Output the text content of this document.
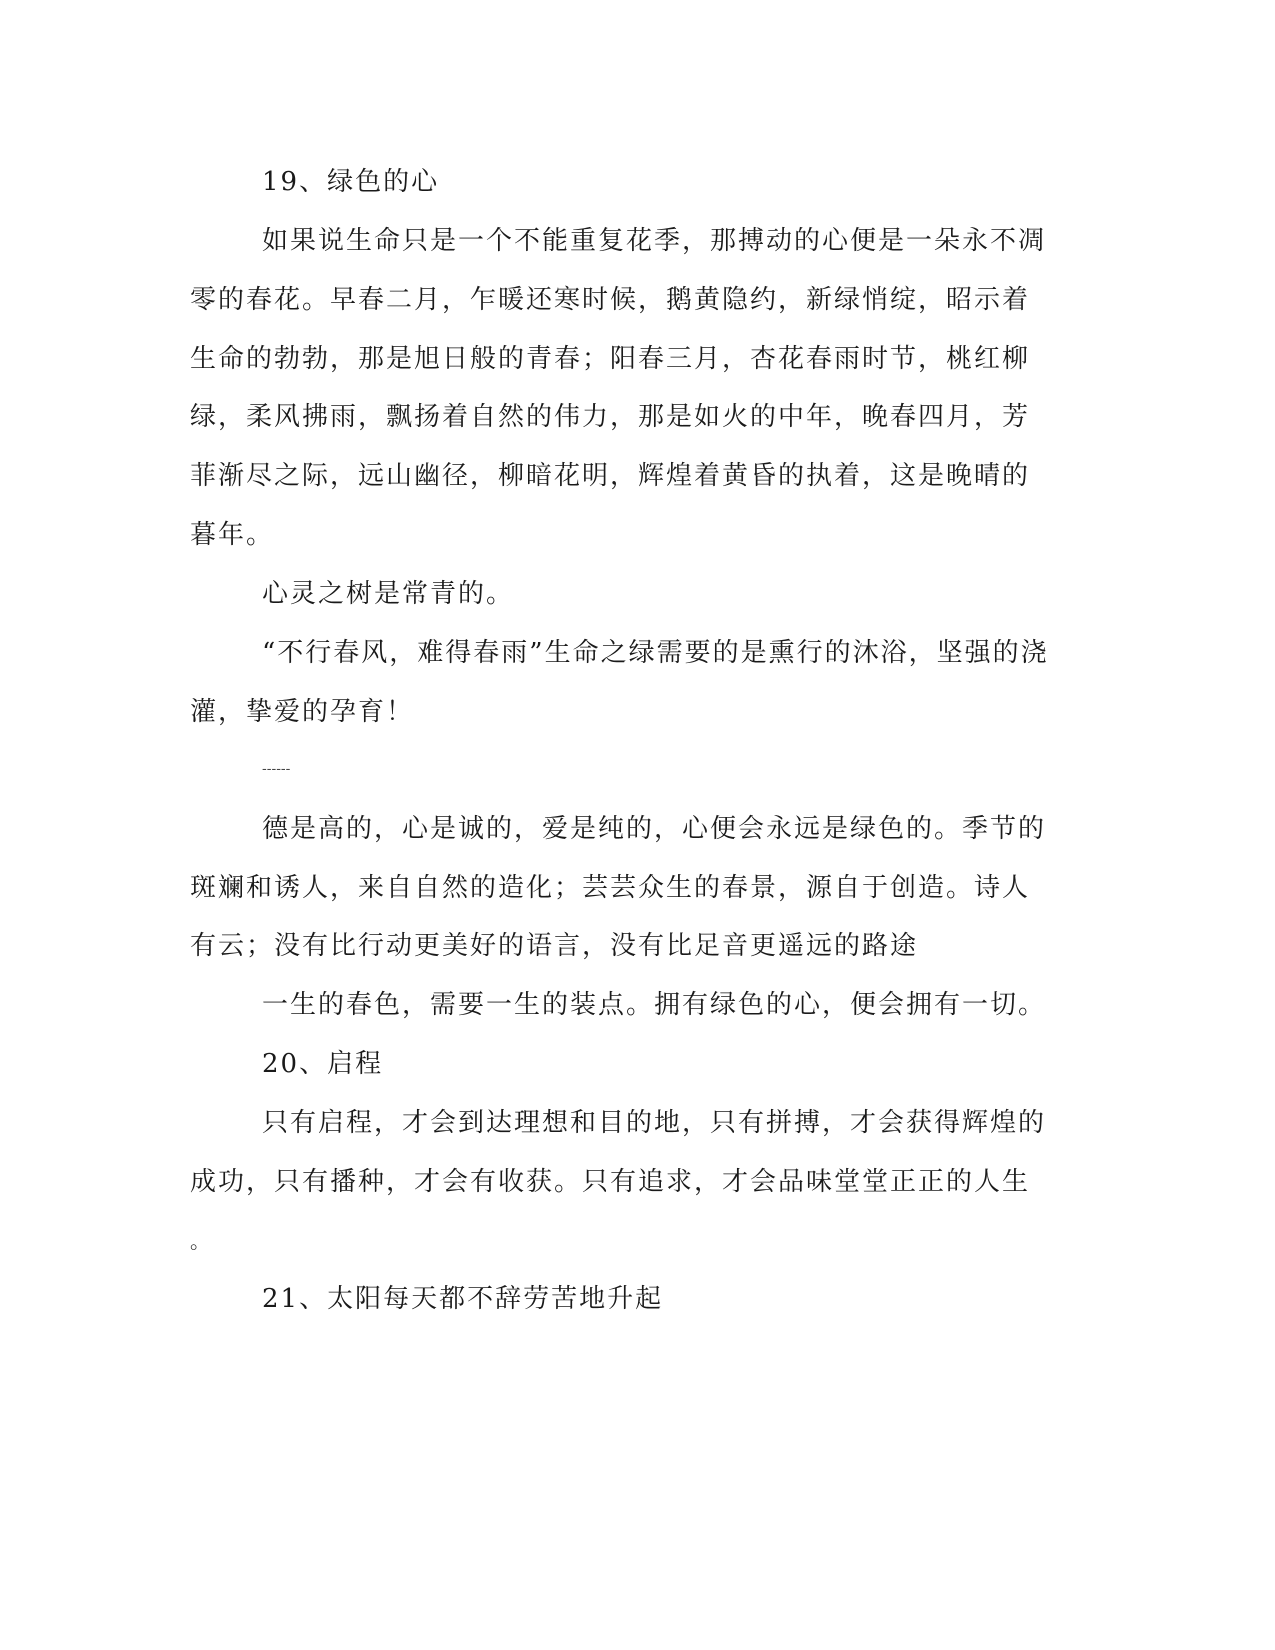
19、绿色的心
如果说生命只是一个不能重复花季，那搏动的心便是一朵永不凋
零的春花。早春二月，乍暖还寒时候，鹅黄隐约，新绿悄绽，昭示着
生命的勃勃，那是旭日般的青春；阳春三月，杏花春雨时节，桃红柳
绿，柔风拂雨，飘扬着自然的伟力，那是如火的中年，晚春四月，芳
菲渐尽之际，远山幽径，柳暗花明，辉煌着黄昏的执着，这是晚晴的
暮年。
心灵之树是常青的。
“不行春风，难得春雨”生命之绿需要的是熏行的沐浴，坚强的浇
灌，挚爱的孕育！
------
德是高的，心是诚的，爱是纯的，心便会永远是绿色的。季节的
斑斓和诱人，来自自然的造化；芸芸众生的春景，源自于创造。诗人
有云；没有比行动更美好的语言，没有比足音更遥远的路途
一生的春色，需要一生的装点。拥有绿色的心，便会拥有一切。
20、启程
只有启程，才会到达理想和目的地，只有拼搏，才会获得辉煌的
成功，只有播种，才会有收获。只有追求，才会品味堂堂正正的人生
。
21、太阳每天都不辞劳苦地升起
